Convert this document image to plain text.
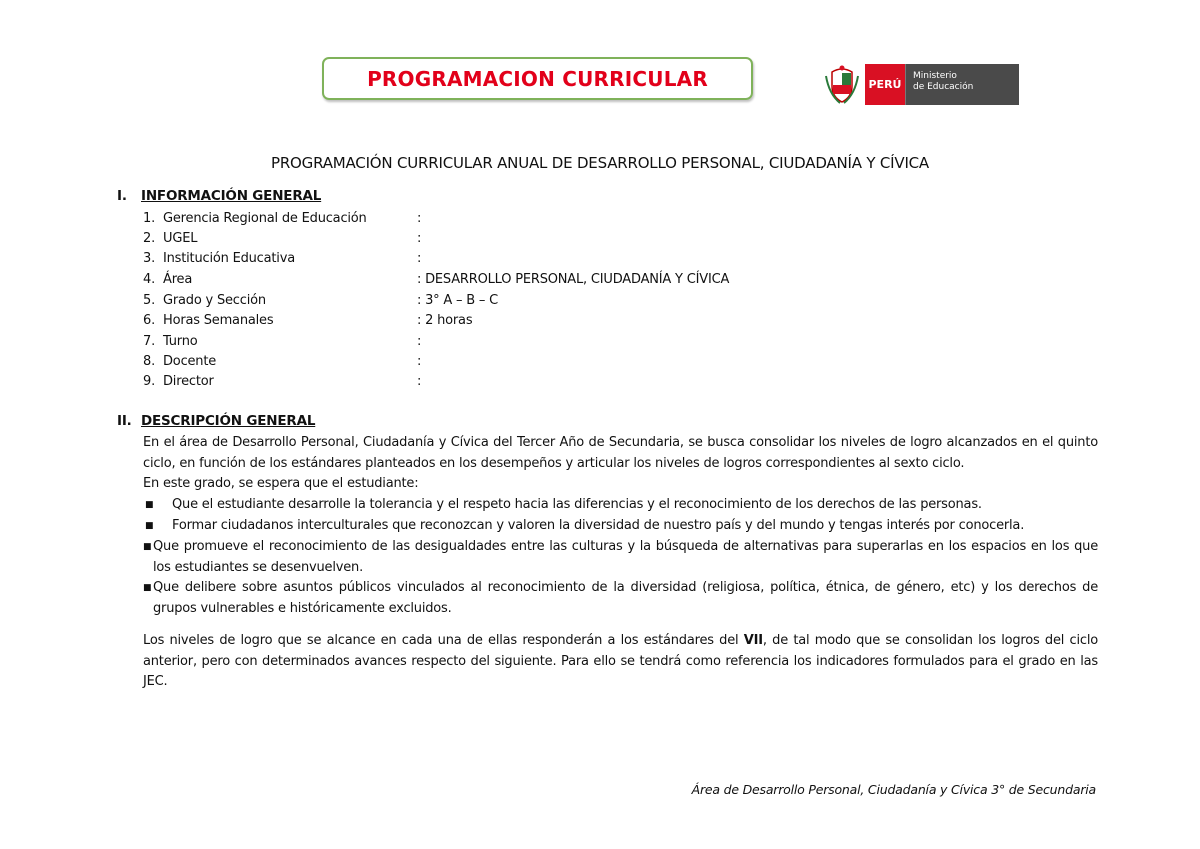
PROGRAMACION CURRICULAR	PERÚ
Ministerio
de Educación
PROGRAMACIÓN CURRICULAR ANUAL DE DESARROLLO PERSONAL, CIUDADANÍA Y CÍVICA
I.	INFORMACIÓN GENERAL
1. Gerencia Regional de Educación	:
2. UGEL	:
3. Institución Educativa	:
4. Área	: DESARROLLO PERSONAL, CIUDADANÍA Y CÍVICA
5. Grado y Sección	: 3° A – B – C
6. Horas Semanales	: 2 horas
7. Turno	:
8. Docente	:
9. Director	:
II. DESCRIPCIÓN GENERAL
En el área de Desarrollo Personal, Ciudadanía y Cívica del Tercer Año de Secundaria, se busca consolidar los niveles de logro alcanzados en el quinto ciclo, en función de los estándares planteados en los desempeños y articular los niveles de logros correspondientes al sexto ciclo.
En este grado, se espera que el estudiante:
■ Que el estudiante desarrolle la tolerancia y el respeto hacia las diferencias y el reconocimiento de los derechos de las personas.
■ Formar ciudadanos interculturales que reconozcan y valoren la diversidad de nuestro país y del mundo y tengas interés por conocerla.
■ Que promueve el reconocimiento de las desigualdades entre las culturas y la búsqueda de alternativas para superarlas en los espacios en los que los estudiantes se desenvuelven.
■ Que delibere sobre asuntos públicos vinculados al reconocimiento de la diversidad (religiosa, política, étnica, de género, etc) y los derechos de grupos vulnerables e históricamente excluidos.
Los niveles de logro que se alcance en cada una de ellas responderán a los estándares del VII, de tal modo que se consolidan los logros del ciclo anterior, pero con determinados avances respecto del siguiente. Para ello se tendrá como referencia los indicadores formulados para el grado en las JEC.
Área de Desarrollo Personal, Ciudadanía y Cívica 3° de Secundaria
